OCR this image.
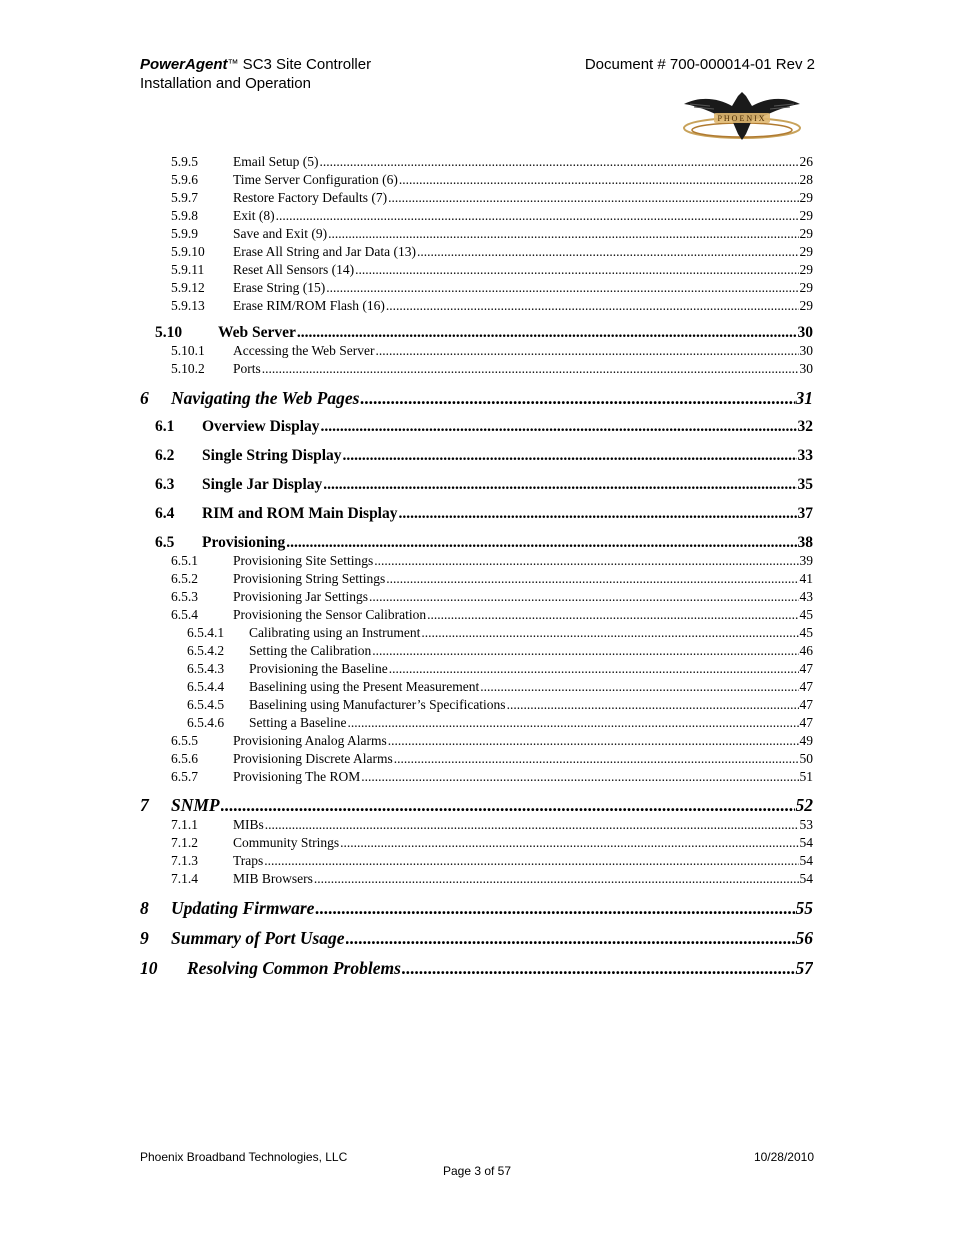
PowerAgent™ SC3 Site Controller
Installation and Operation
Document # 700-000014-01 Rev 2
PHOENIX
5.9.5	Email Setup (5) .....	26
5.9.6	Time Server Configuration (6) .....	28
5.9.7	Restore Factory Defaults (7) .....	29
5.9.8	Exit (8) .....	29
5.9.9	Save and Exit (9) .....	29
5.9.10	Erase All String and Jar Data (13) .....	29
5.9.11	Reset All Sensors (14) .....	29
5.9.12	Erase String (15) .....	29
5.9.13	Erase RIM/ROM Flash (16) .....	29
5.10	Web Server .....	30
5.10.1	Accessing the Web Server .....	30
5.10.2	Ports .....	30
6	Navigating the Web Pages .....	31
6.1	Overview Display .....	32
6.2	Single String Display .....	33
6.3	Single Jar Display .....	35
6.4	RIM and ROM Main Display .....	37
6.5	Provisioning .....	38
6.5.1	Provisioning Site Settings .....	39
6.5.2	Provisioning String Settings .....	41
6.5.3	Provisioning Jar Settings .....	43
6.5.4	Provisioning the Sensor Calibration .....	45
6.5.4.1	Calibrating using an Instrument .....	45
6.5.4.2	Setting the Calibration .....	46
6.5.4.3	Provisioning the Baseline .....	47
6.5.4.4	Baselining using the Present Measurement .....	47
6.5.4.5	Baselining using Manufacturer’s Specifications .....	47
6.5.4.6	Setting a Baseline .....	47
6.5.5	Provisioning Analog Alarms .....	49
6.5.6	Provisioning Discrete Alarms .....	50
6.5.7	Provisioning The ROM .....	51
7	SNMP .....	52
7.1.1	MIBs .....	53
7.1.2	Community Strings .....	54
7.1.3	Traps .....	54
7.1.4	MIB Browsers .....	54
8	Updating Firmware .....	55
9	Summary of Port Usage .....	56
10	Resolving Common Problems .....	57
Phoenix Broadband Technologies, LLC	10/28/2010
Page 3 of 57
